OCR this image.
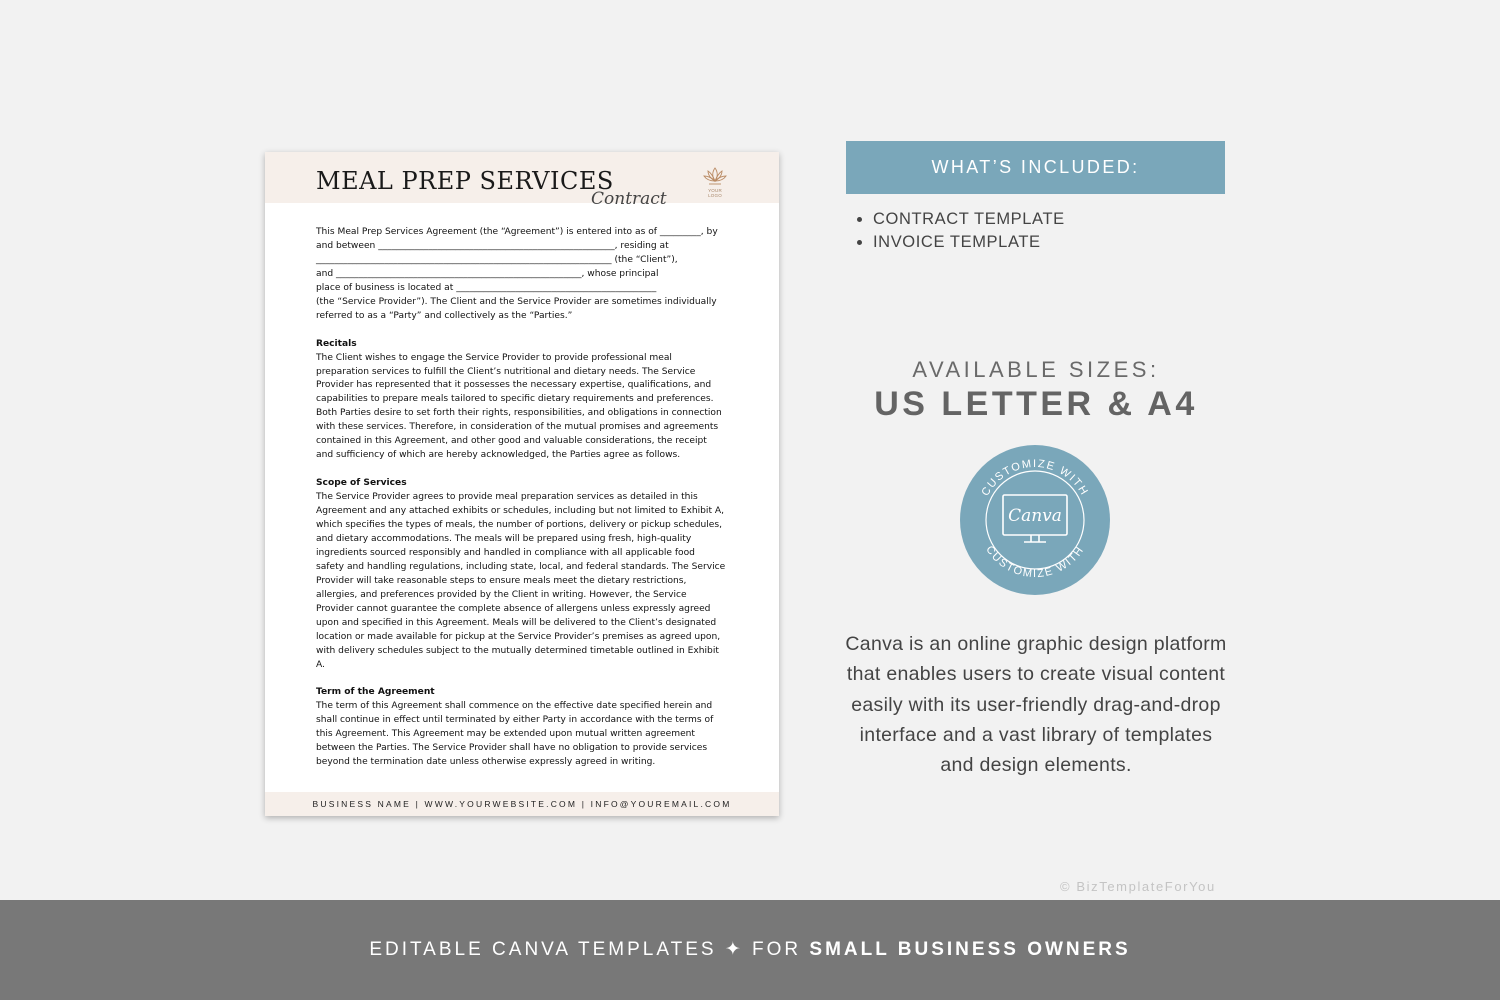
MEAL PREP SERVICES
Contract	YOUR LOGO

This Meal Prep Services Agreement (the “Agreement”) is entered into as of _________, by

and between ____________________________________________________, residing at

_________________________________________________________________ (the “Client”),

and ______________________________________________________, whose principal

place of business is located at ____________________________________________

(the “Service Provider”). The Client and the Service Provider are sometimes individually

referred to as a “Party” and collectively as the “Parties.”

Recitals

The Client wishes to engage the Service Provider to provide professional meal

preparation services to fulfill the Client’s nutritional and dietary needs. The Service

Provider has represented that it possesses the necessary expertise, qualifications, and

capabilities to prepare meals tailored to specific dietary requirements and preferences.

Both Parties desire to set forth their rights, responsibilities, and obligations in connection

with these services. Therefore, in consideration of the mutual promises and agreements

contained in this Agreement, and other good and valuable considerations, the receipt

and sufficiency of which are hereby acknowledged, the Parties agree as follows.

Scope of Services

The Service Provider agrees to provide meal preparation services as detailed in this

Agreement and any attached exhibits or schedules, including but not limited to Exhibit A,

which specifies the types of meals, the number of portions, delivery or pickup schedules,

and dietary accommodations. The meals will be prepared using fresh, high-quality

ingredients sourced responsibly and handled in compliance with all applicable food

safety and handling regulations, including state, local, and federal standards. The Service

Provider will take reasonable steps to ensure meals meet the dietary restrictions,

allergies, and preferences provided by the Client in writing. However, the Service

Provider cannot guarantee the complete absence of allergens unless expressly agreed

upon and specified in this Agreement. Meals will be delivered to the Client’s designated

location or made available for pickup at the Service Provider’s premises as agreed upon,

with delivery schedules subject to the mutually determined timetable outlined in Exhibit

A.

Term of the Agreement

The term of this Agreement shall commence on the effective date specified herein and

shall continue in effect until terminated by either Party in accordance with the terms of

this Agreement. This Agreement may be extended upon mutual written agreement

between the Parties. The Service Provider shall have no obligation to provide services

beyond the termination date unless otherwise expressly agreed in writing.

BUSINESS NAME | WWW.YOURWEBSITE.COM | INFO@YOUREMAIL.COM
WHAT’S INCLUDED:
CONTRACT TEMPLATE
INVOICE TEMPLATE
AVAILABLE SIZES:
US LETTER & A4
CUSTOMIZE WITH
CUSTOMIZE WITH
Canva
Canva is an online graphic design platform
that enables users to create visual content
easily with its user-friendly drag-and-drop
interface and a vast library of templates
and design elements.
© BizTemplateForYou
EDITABLE CANVA TEMPLATES ✦ FOR SMALL BUSINESS OWNERS
